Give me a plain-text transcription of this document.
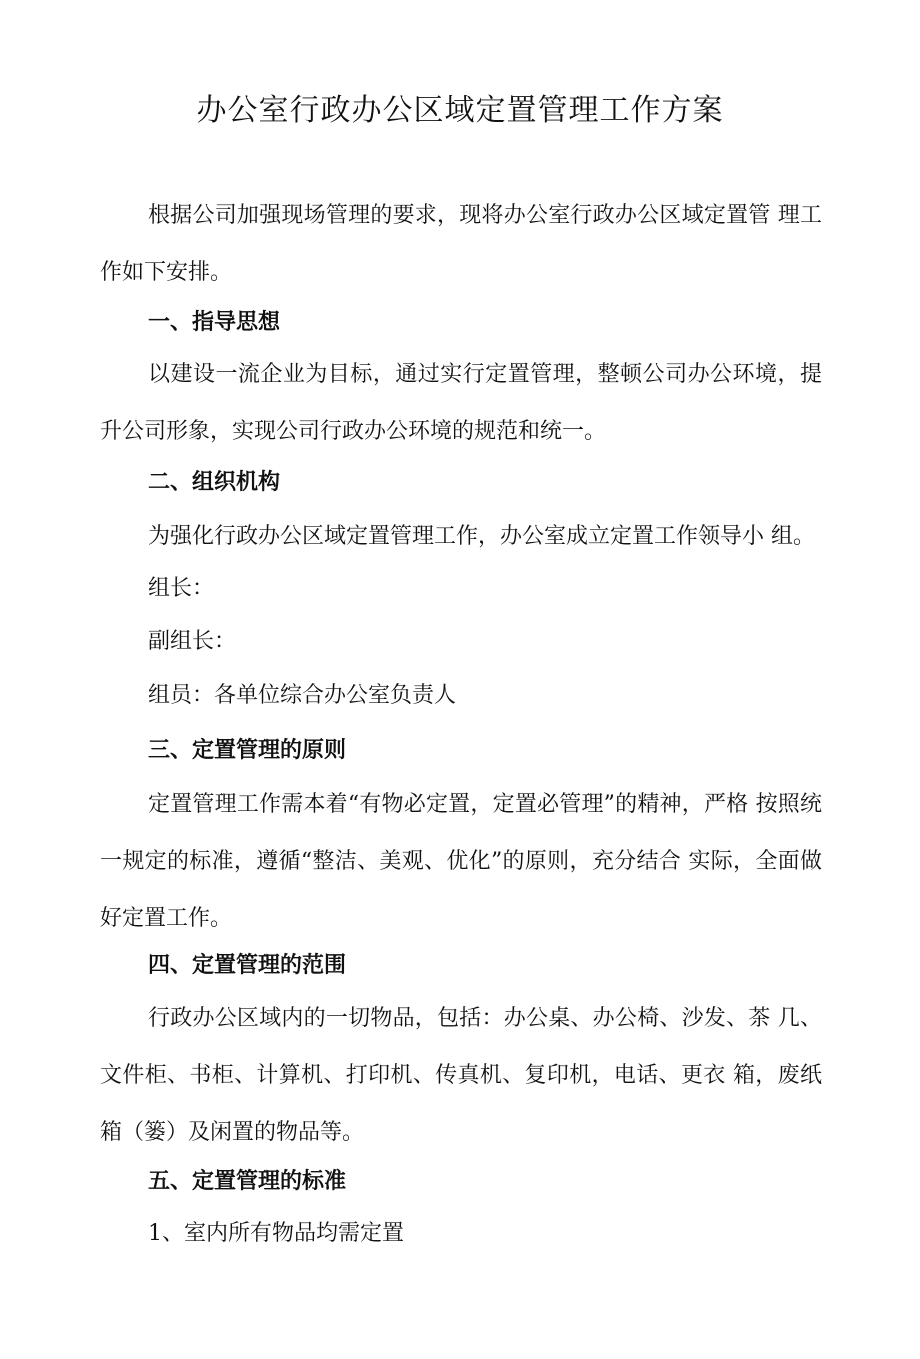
办公室行政办公区域定置管理工作方案
根据公司加强现场管理的要求，现将办公室行政办公区域定置管 理工作如下安排。
一、指导思想
以建设一流企业为目标，通过实行定置管理，整顿公司办公环境，提升公司形象，实现公司行政办公环境的规范和统一。
二、组织机构
为强化行政办公区域定置管理工作，办公室成立定置工作领导小 组。
组长：
副组长：
组员：各单位综合办公室负责人
三、定置管理的原则
定置管理工作需本着“有物必定置，定置必管理”的精神，严格 按照统一规定的标准，遵循“整洁、美观、优化”的原则，充分结合 实际，全面做好定置工作。
四、定置管理的范围
行政办公区域内的一切物品，包括：办公桌、办公椅、沙发、茶 几、文件柜、书柜、计算机、打印机、传真机、复印机，电话、更衣 箱，废纸箱（篓）及闲置的物品等。
五、定置管理的标准
1、室内所有物品均需定置
